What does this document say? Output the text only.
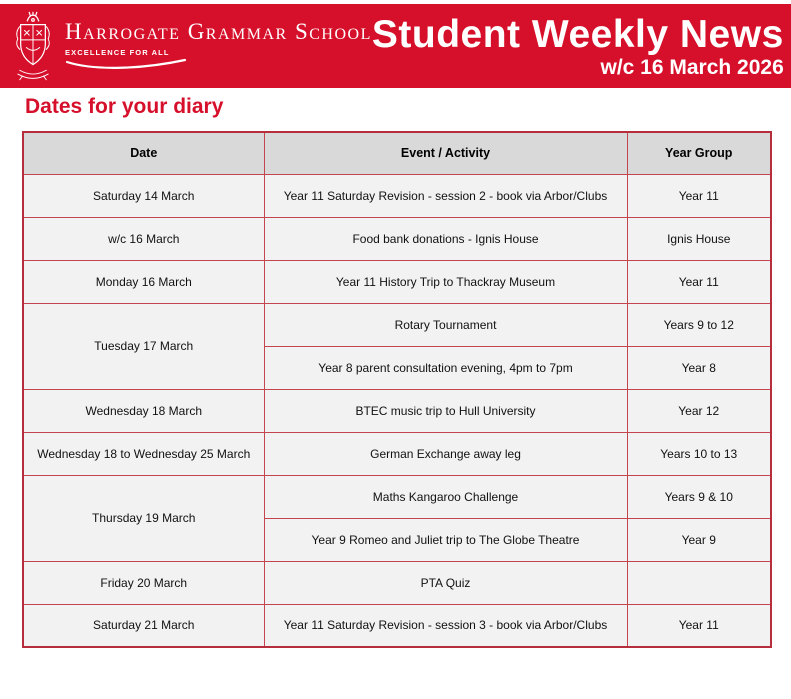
Harrogate Grammar School
EXCELLENCE FOR ALL	Student Weekly News
w/c 16 March 2026
Dates for your diary
Date	Event / Activity	Year Group
Saturday 14 March	Year 11 Saturday Revision - session 2 - book via Arbor/Clubs	Year 11
w/c 16 March	Food bank donations - Ignis House	Ignis House
Monday 16 March	Year 11 History Trip to Thackray Museum	Year 11
Tuesday 17 March	Rotary Tournament	Years 9 to 12
	Year 8 parent consultation evening, 4pm to 7pm	Year 8
Wednesday 18 March	BTEC music trip to Hull University	Year 12
Wednesday 18 to Wednesday 25 March	German Exchange away leg	Years 10 to 13
Thursday 19 March	Maths Kangaroo Challenge	Years 9 & 10
	Year 9 Romeo and Juliet trip to The Globe Theatre	Year 9
Friday 20 March	PTA Quiz	
Saturday 21 March	Year 11 Saturday Revision - session 3 - book via Arbor/Clubs	Year 11
